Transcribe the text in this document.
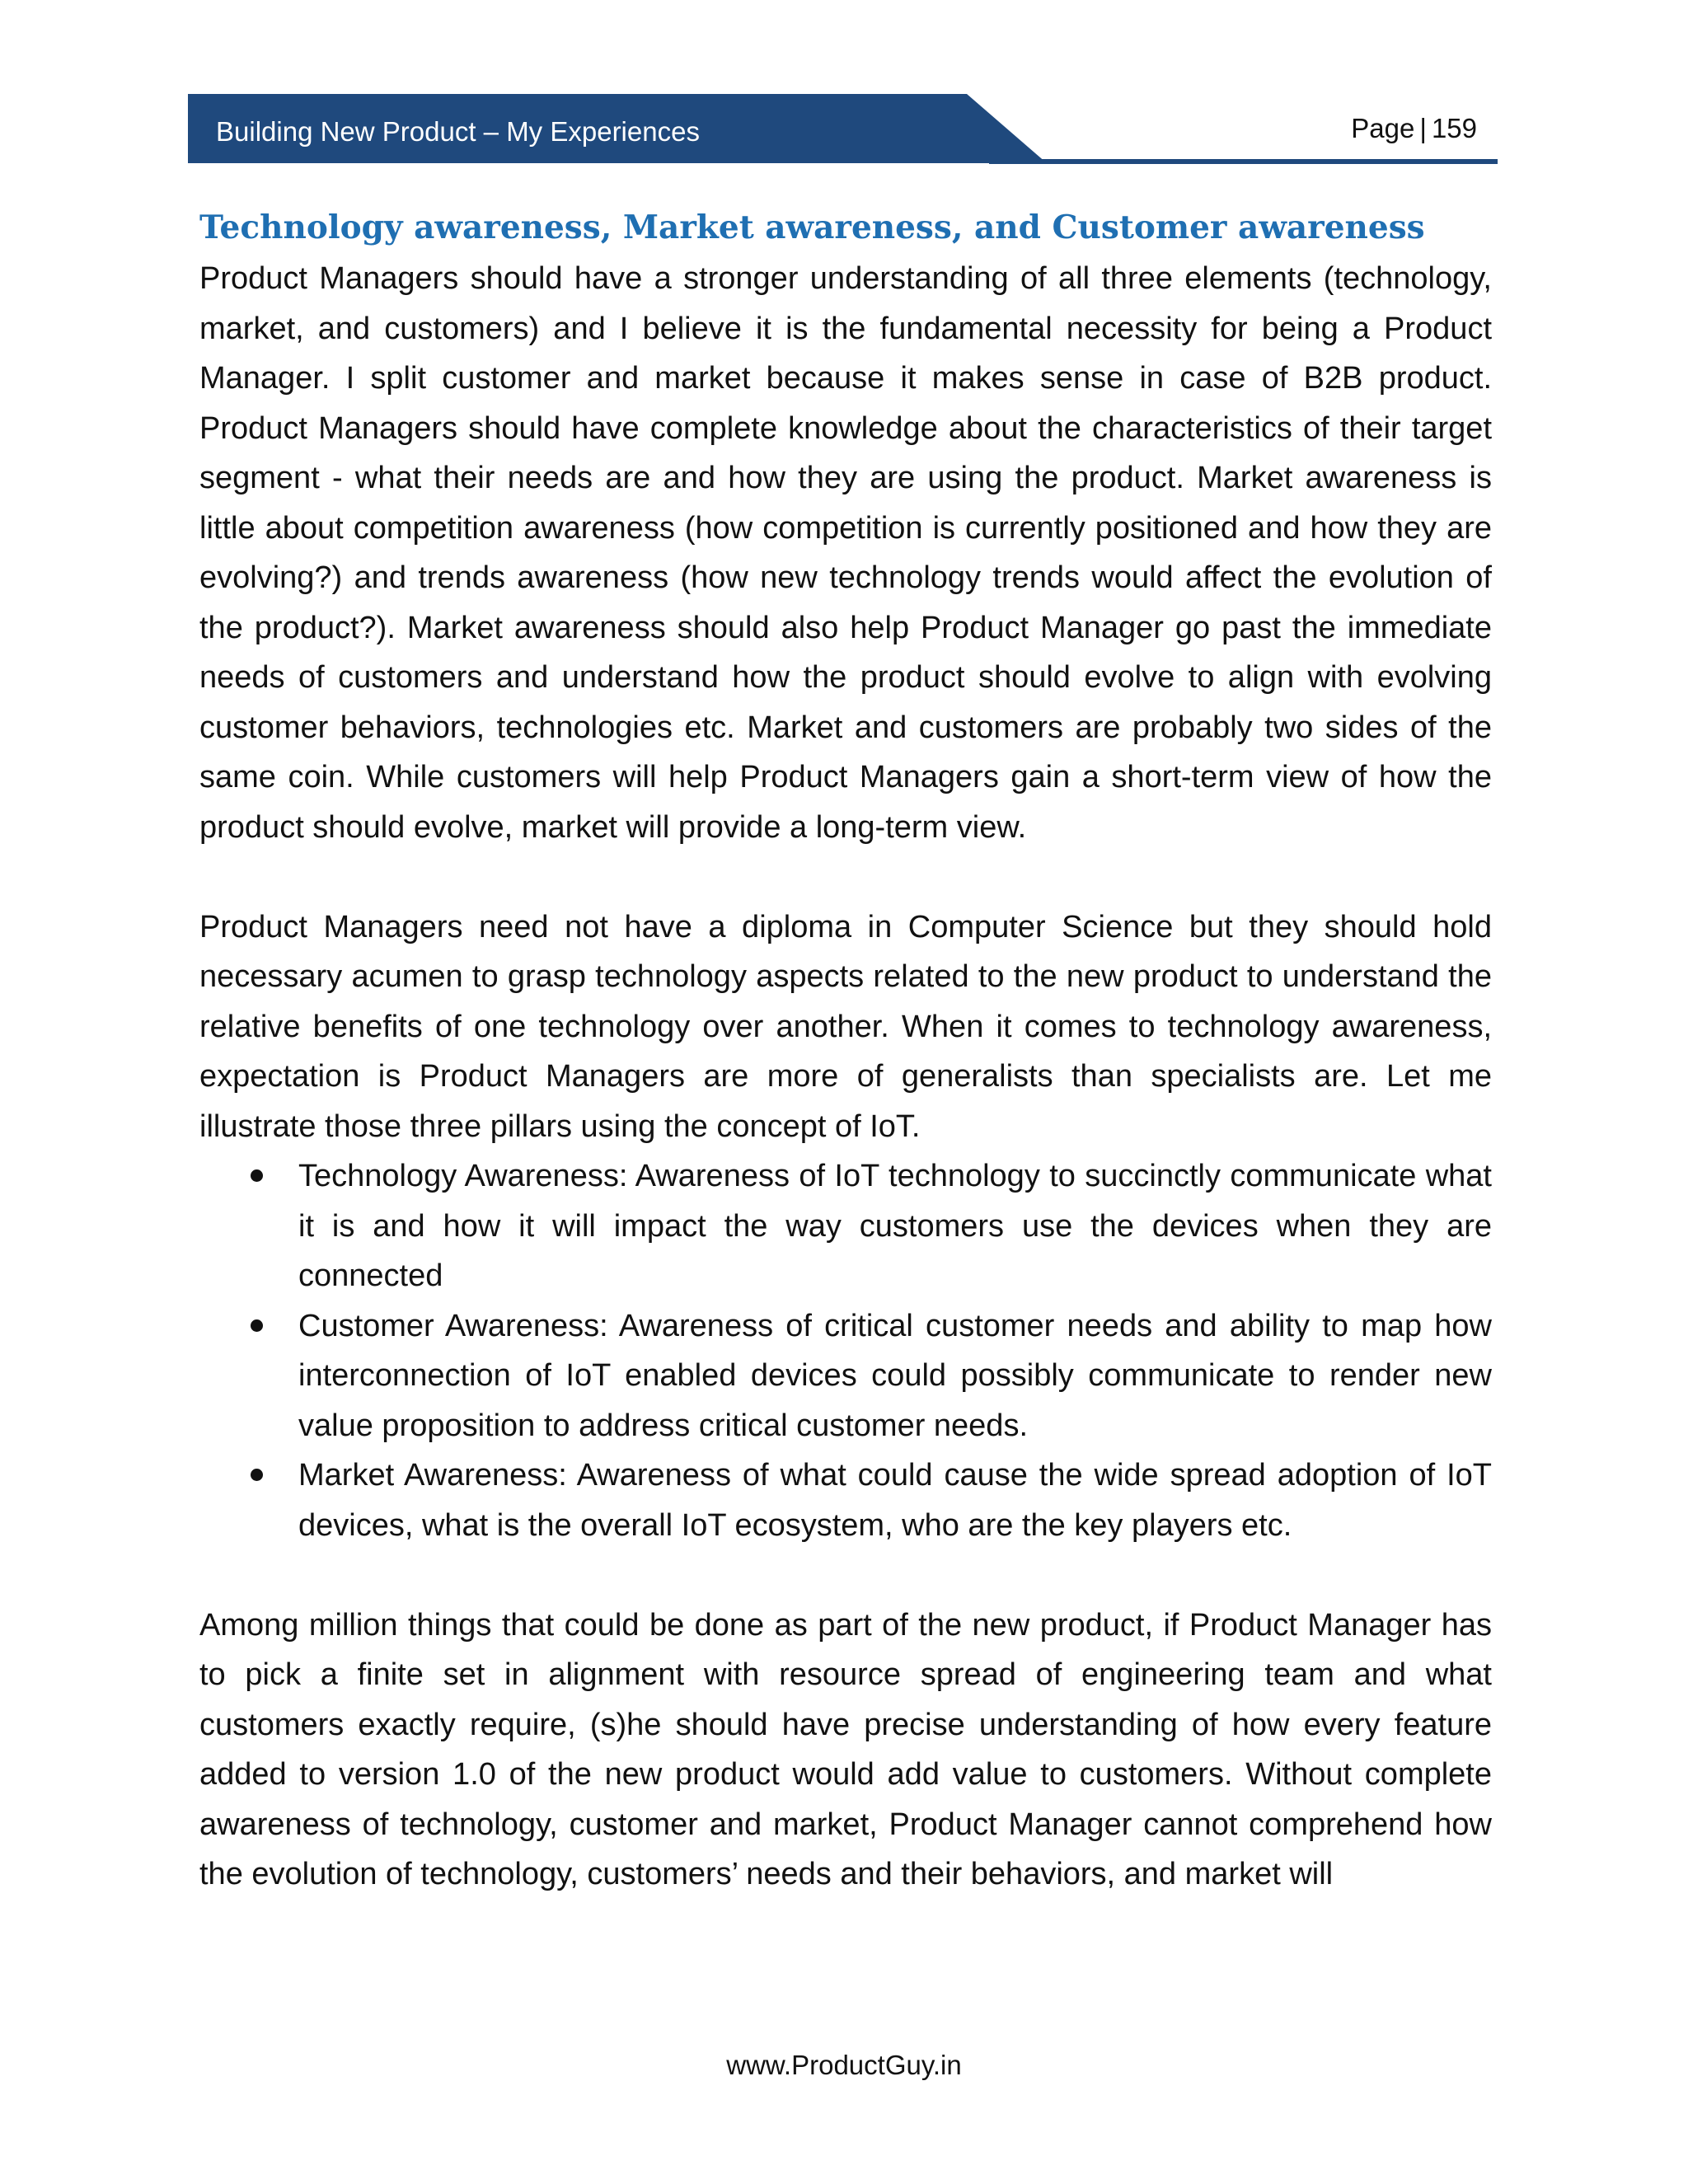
Building New Product – My Experiences	Page | 159
Technology awareness, Market awareness, and Customer awareness

Product Managers should have a stronger understanding of all three elements (technology, market, and customers) and I believe it is the fundamental necessity for being a Product Manager. I split customer and market because it makes sense in case of B2B product. Product Managers should have complete knowledge about the characteristics of their target segment - what their needs are and how they are using the product. Market awareness is little about competition awareness (how competition is currently positioned and how they are evolving?) and trends awareness (how new technology trends would affect the evolution of the product?). Market awareness should also help Product Manager go past the immediate needs of customers and understand how the product should evolve to align with evolving customer behaviors, technologies etc. Market and customers are probably two sides of the same coin. While customers will help Product Managers gain a short-term view of how the product should evolve, market will provide a long-term view.

Product Managers need not have a diploma in Computer Science but they should hold necessary acumen to grasp technology aspects related to the new product to understand the relative benefits of one technology over another. When it comes to technology awareness, expectation is Product Managers are more of generalists than specialists are. Let me illustrate those three pillars using the concept of IoT.

Technology Awareness: Awareness of IoT technology to succinctly communicate what it is and how it will impact the way customers use the devices when they are connected
Customer Awareness: Awareness of critical customer needs and ability to map how interconnection of IoT enabled devices could possibly communicate to render new value proposition to address critical customer needs.
Market Awareness: Awareness of what could cause the wide spread adoption of IoT devices, what is the overall IoT ecosystem, who are the key players etc.

Among million things that could be done as part of the new product, if Product Manager has to pick a finite set in alignment with resource spread of engineering team and what customers exactly require, (s)he should have precise understanding of how every feature added to version 1.0 of the new product would add value to customers. Without complete awareness of technology, customer and market, Product Manager cannot comprehend how the evolution of technology, customers’ needs and their behaviors, and market will

www.ProductGuy.in
